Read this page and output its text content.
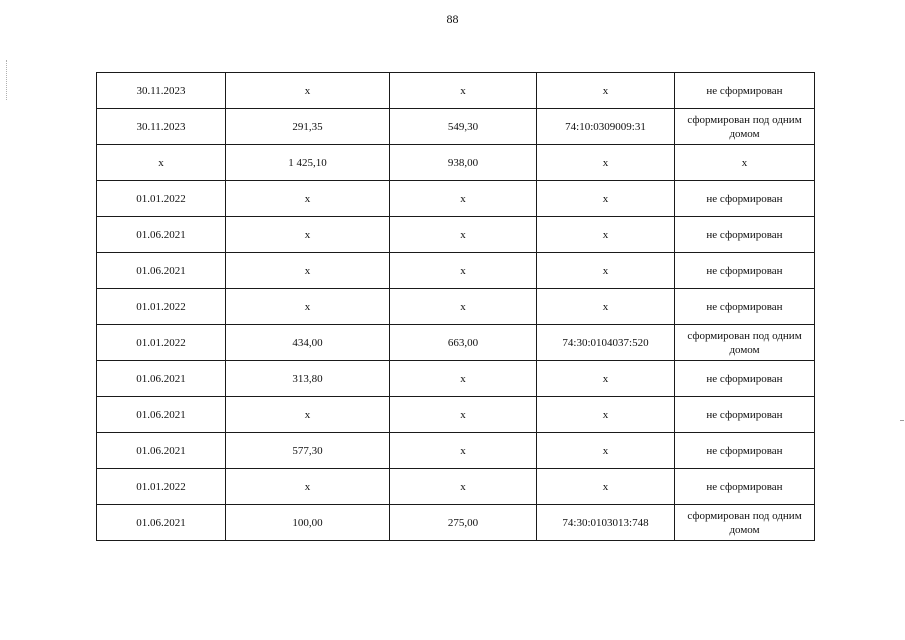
88
30.11.2023	x	x	x	не сформирован
30.11.2023	291,35	549,30	74:10:0309009:31	сформирован под одним домом
x	1 425,10	938,00	x	x
01.01.2022	x	x	x	не сформирован
01.06.2021	x	x	x	не сформирован
01.06.2021	x	x	x	не сформирован
01.01.2022	x	x	x	не сформирован
01.01.2022	434,00	663,00	74:30:0104037:520	сформирован под одним домом
01.06.2021	313,80	x	x	не сформирован
01.06.2021	x	x	x	не сформирован
01.06.2021	577,30	x	x	не сформирован
01.01.2022	x	x	x	не сформирован
01.06.2021	100,00	275,00	74:30:0103013:748	сформирован под одним домом
